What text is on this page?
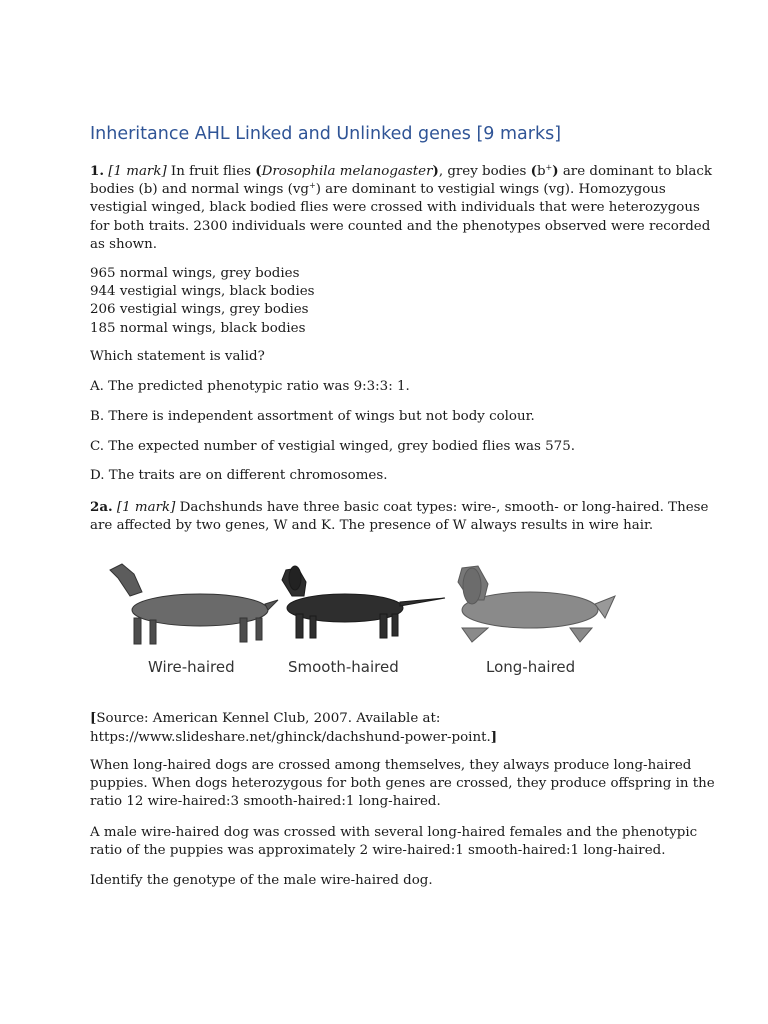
Inheritance AHL Linked and Unlinked genes [9 marks]
1. [1 mark] In fruit flies (Drosophila melanogaster), grey bodies (b+) are dominant to black
bodies (b) and normal wings (vg+) are dominant to vestigial wings (vg). Homozygous
vestigial winged, black bodied flies were crossed with individuals that were heterozygous
for both traits. 2300 individuals were counted and the phenotypes observed were recorded
as shown.
965 normal wings, grey bodies
944 vestigial wings, black bodies
206 vestigial wings, grey bodies
185 normal wings, black bodies
Which statement is valid?
A. The predicted phenotypic ratio was 9:3:3: 1.
B. There is independent assortment of wings but not body colour.
C. The expected number of vestigial winged, grey bodied flies was 575.
D. The traits are on different chromosomes.
2a. [1 mark] Dachshunds have three basic coat types: wire-, smooth- or long-haired. These
are affected by two genes, W and K. The presence of W always results in wire hair.
Wire-haired	Smooth-haired	Long-haired
[Source: American Kennel Club, 2007. Available at:
https://www.slideshare.net/ghinck/dachshund-power-point.]
When long-haired dogs are crossed among themselves, they always produce long-haired
puppies. When dogs heterozygous for both genes are crossed, they produce offspring in the
ratio 12 wire-haired:3 smooth-haired:1 long-haired.
A male wire-haired dog was crossed with several long-haired females and the phenotypic
ratio of the puppies was approximately 2 wire-haired:1 smooth-haired:1 long-haired.
Identify the genotype of the male wire-haired dog.
